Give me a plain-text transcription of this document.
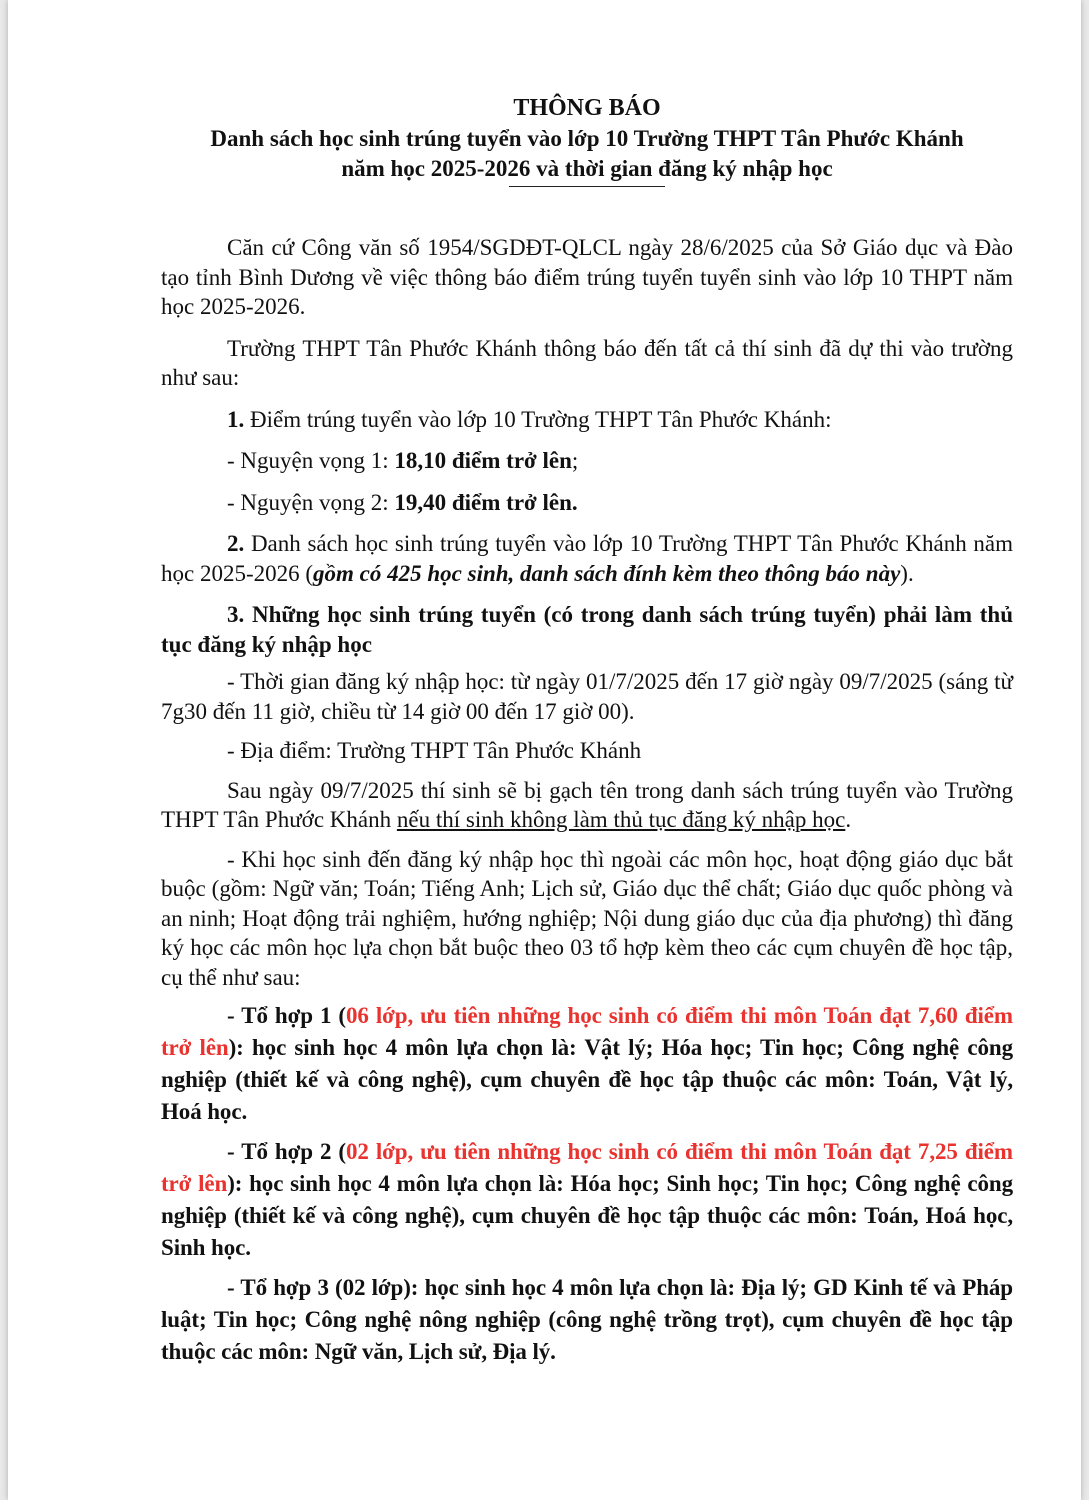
THÔNG BÁO
Danh sách học sinh trúng tuyển vào lớp 10 Trường THPT Tân Phước Khánh
năm học 2025-2026 và thời gian đăng ký nhập học

Căn cứ Công văn số 1954/SGDĐT-QLCL ngày 28/6/2025 của Sở Giáo dục và Đào tạo tỉnh Bình Dương về việc thông báo điểm trúng tuyển tuyển sinh vào lớp 10 THPT năm học 2025-2026.

Trường THPT Tân Phước Khánh thông báo đến tất cả thí sinh đã dự thi vào trường như sau:

1. Điểm trúng tuyển vào lớp 10 Trường THPT Tân Phước Khánh:

- Nguyện vọng 1: 18,10 điểm trở lên;

- Nguyện vọng 2: 19,40 điểm trở lên.

2. Danh sách học sinh trúng tuyển vào lớp 10 Trường THPT Tân Phước Khánh năm học 2025-2026 (gồm có 425 học sinh, danh sách đính kèm theo thông báo này).

3. Những học sinh trúng tuyển (có trong danh sách trúng tuyển) phải làm thủ tục đăng ký nhập học

- Thời gian đăng ký nhập học: từ ngày 01/7/2025 đến 17 giờ ngày 09/7/2025 (sáng từ 7g30 đến 11 giờ, chiều từ 14 giờ 00 đến 17 giờ 00).

- Địa điểm: Trường THPT Tân Phước Khánh

Sau ngày 09/7/2025 thí sinh sẽ bị gạch tên trong danh sách trúng tuyển vào Trường THPT Tân Phước Khánh nếu thí sinh không làm thủ tục đăng ký nhập học.

- Khi học sinh đến đăng ký nhập học thì ngoài các môn học, hoạt động giáo dục bắt buộc (gồm: Ngữ văn; Toán; Tiếng Anh; Lịch sử, Giáo dục thể chất; Giáo dục quốc phòng và an ninh; Hoạt động trải nghiệm, hướng nghiệp; Nội dung giáo dục của địa phương) thì đăng ký học các môn học lựa chọn bắt buộc theo 03 tổ hợp kèm theo các cụm chuyên đề học tập, cụ thể như sau:

- Tổ hợp 1 (06 lớp, ưu tiên những học sinh có điểm thi môn Toán đạt 7,60 điểm trở lên): học sinh học 4 môn lựa chọn là: Vật lý; Hóa học; Tin học; Công nghệ công nghiệp (thiết kế và công nghệ), cụm chuyên đề học tập thuộc các môn: Toán, Vật lý, Hoá học.

- Tổ hợp 2 (02 lớp, ưu tiên những học sinh có điểm thi môn Toán đạt 7,25 điểm trở lên): học sinh học 4 môn lựa chọn là: Hóa học; Sinh học; Tin học; Công nghệ công nghiệp (thiết kế và công nghệ), cụm chuyên đề học tập thuộc các môn: Toán, Hoá học, Sinh học.

- Tổ hợp 3 (02 lớp): học sinh học 4 môn lựa chọn là: Địa lý; GD Kinh tế và Pháp luật; Tin học; Công nghệ nông nghiệp (công nghệ trồng trọt), cụm chuyên đề học tập thuộc các môn: Ngữ văn, Lịch sử, Địa lý.
